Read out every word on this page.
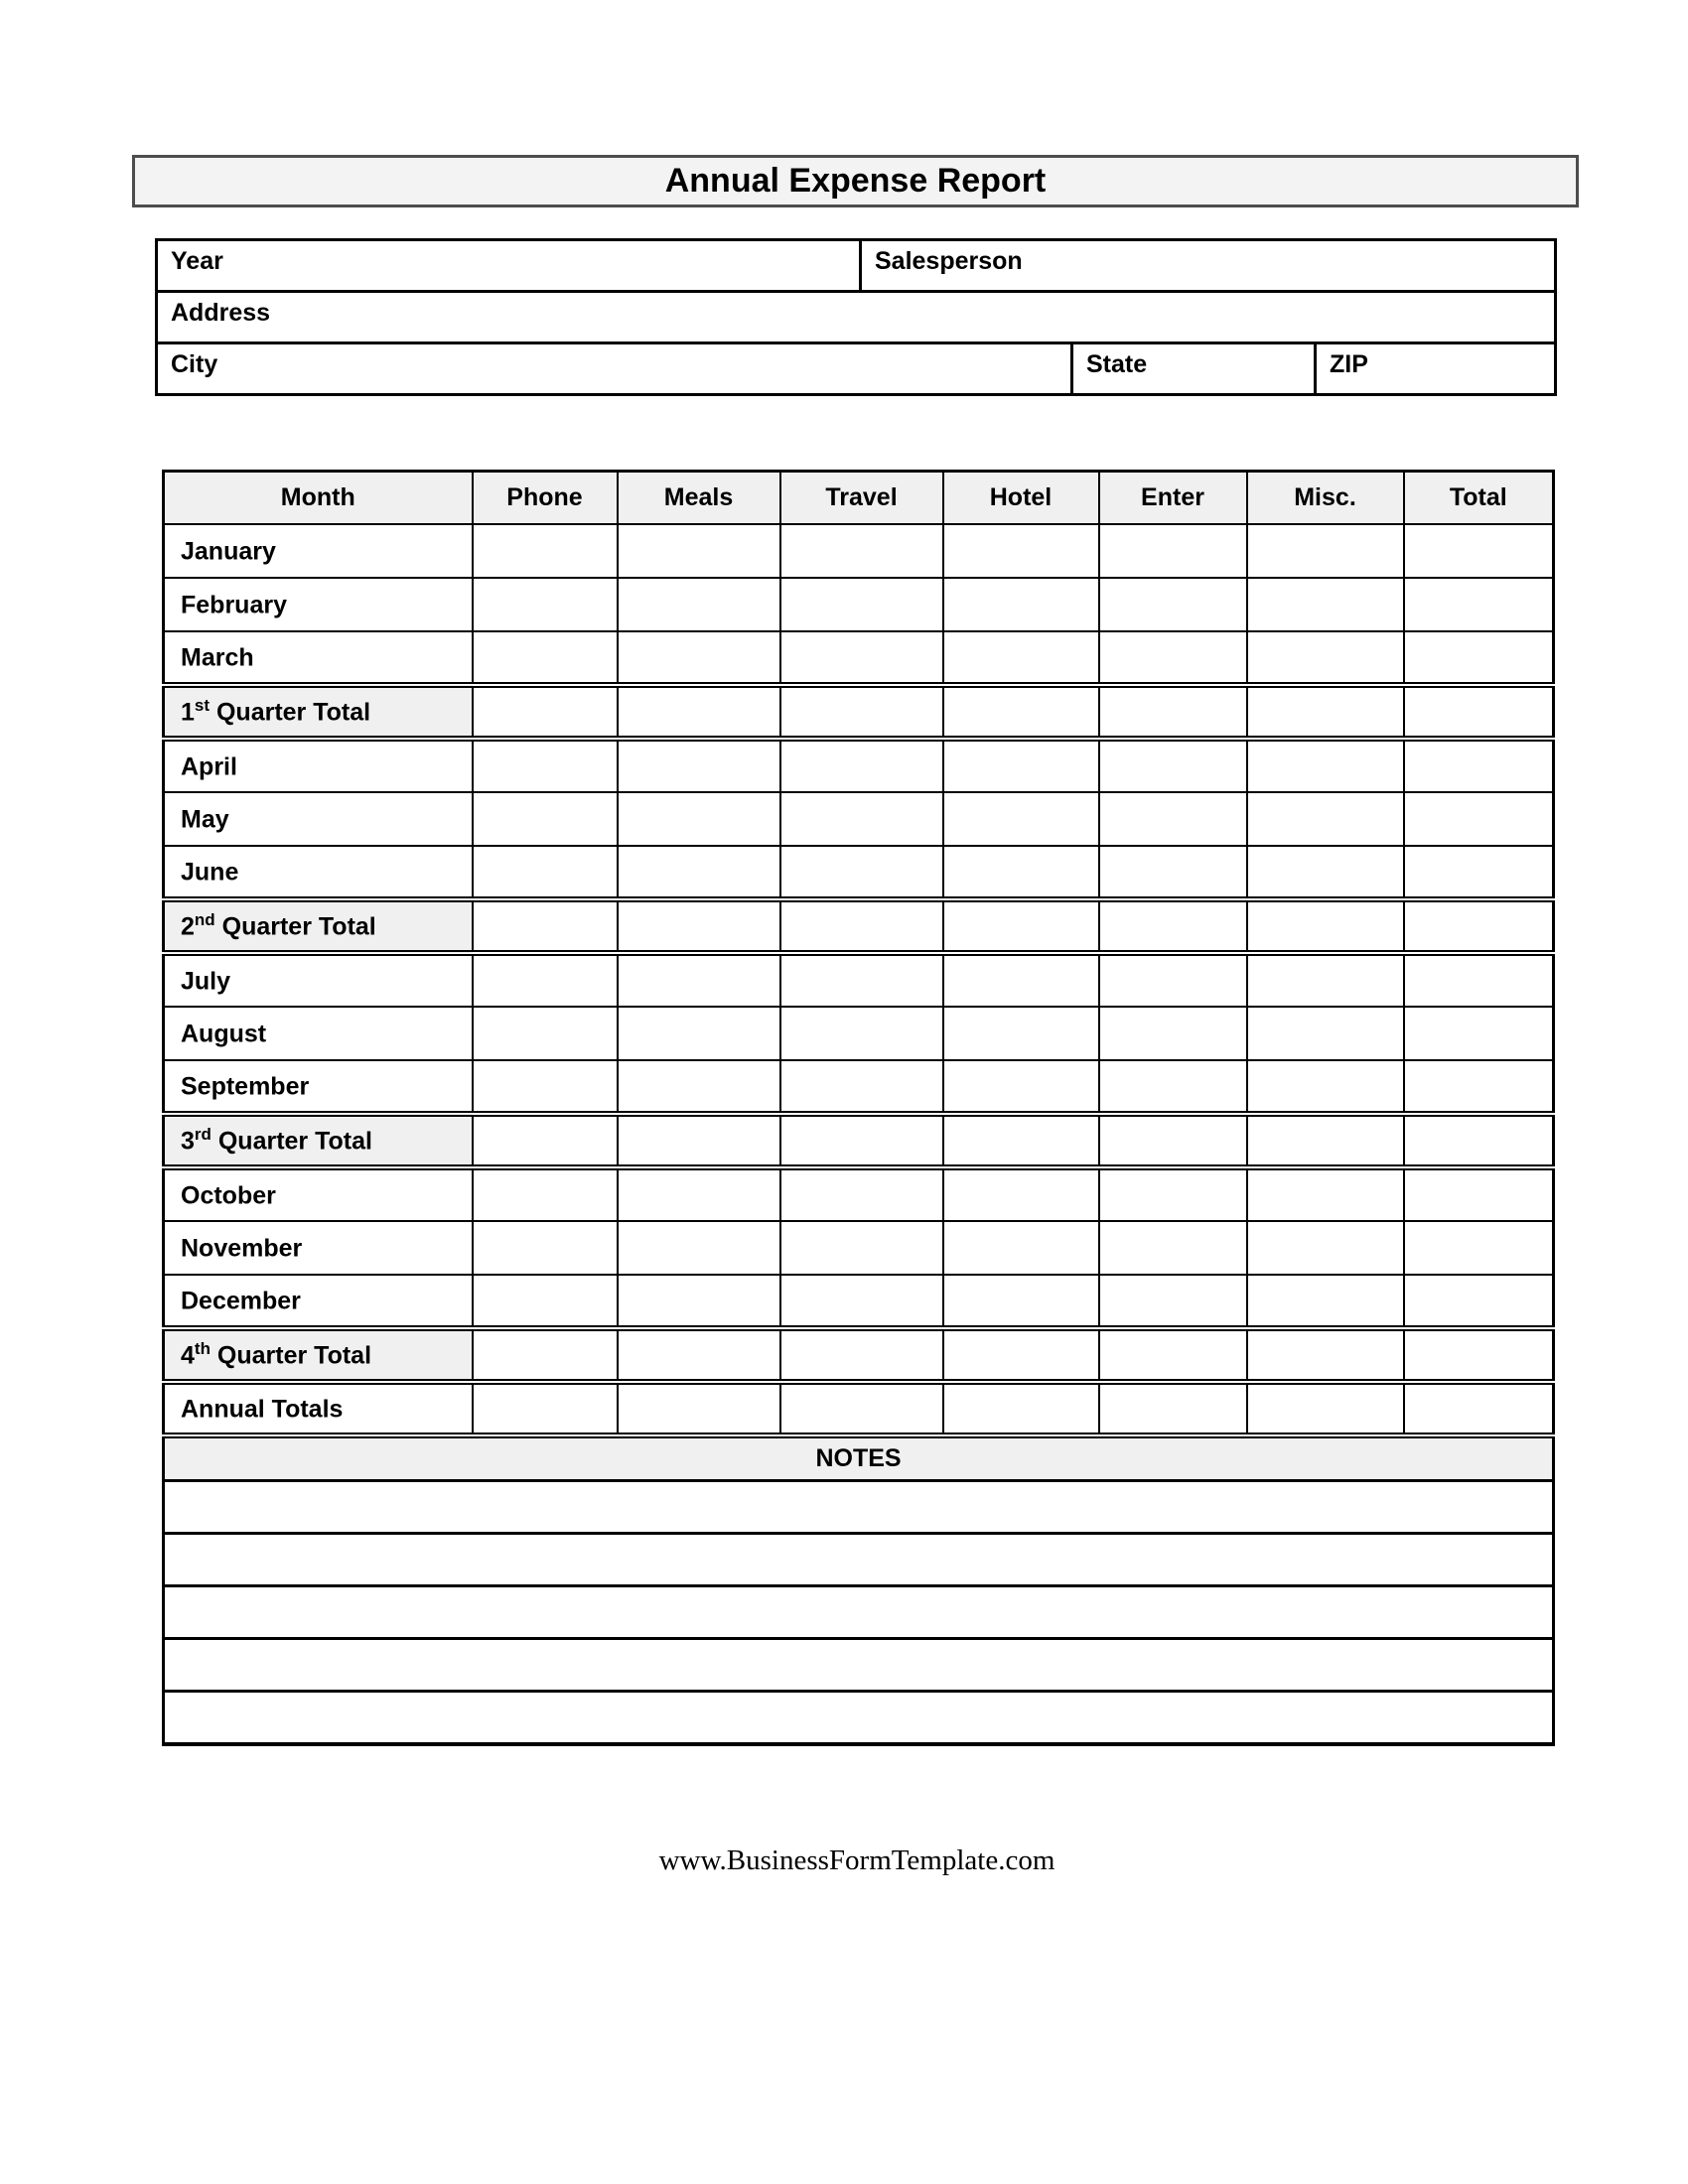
Annual Expense Report
Year	Salesperson
Address
City	State	ZIP
Month	Phone	Meals	Travel	Hotel	Enter	Misc.	Total
January							
February							
March							
1st Quarter Total							
April							
May							
June							
2nd Quarter Total							
July							
August							
September							
3rd Quarter Total							
October							
November							
December							
4th Quarter Total							
Annual Totals							
NOTES							

www.BusinessFormTemplate.com
